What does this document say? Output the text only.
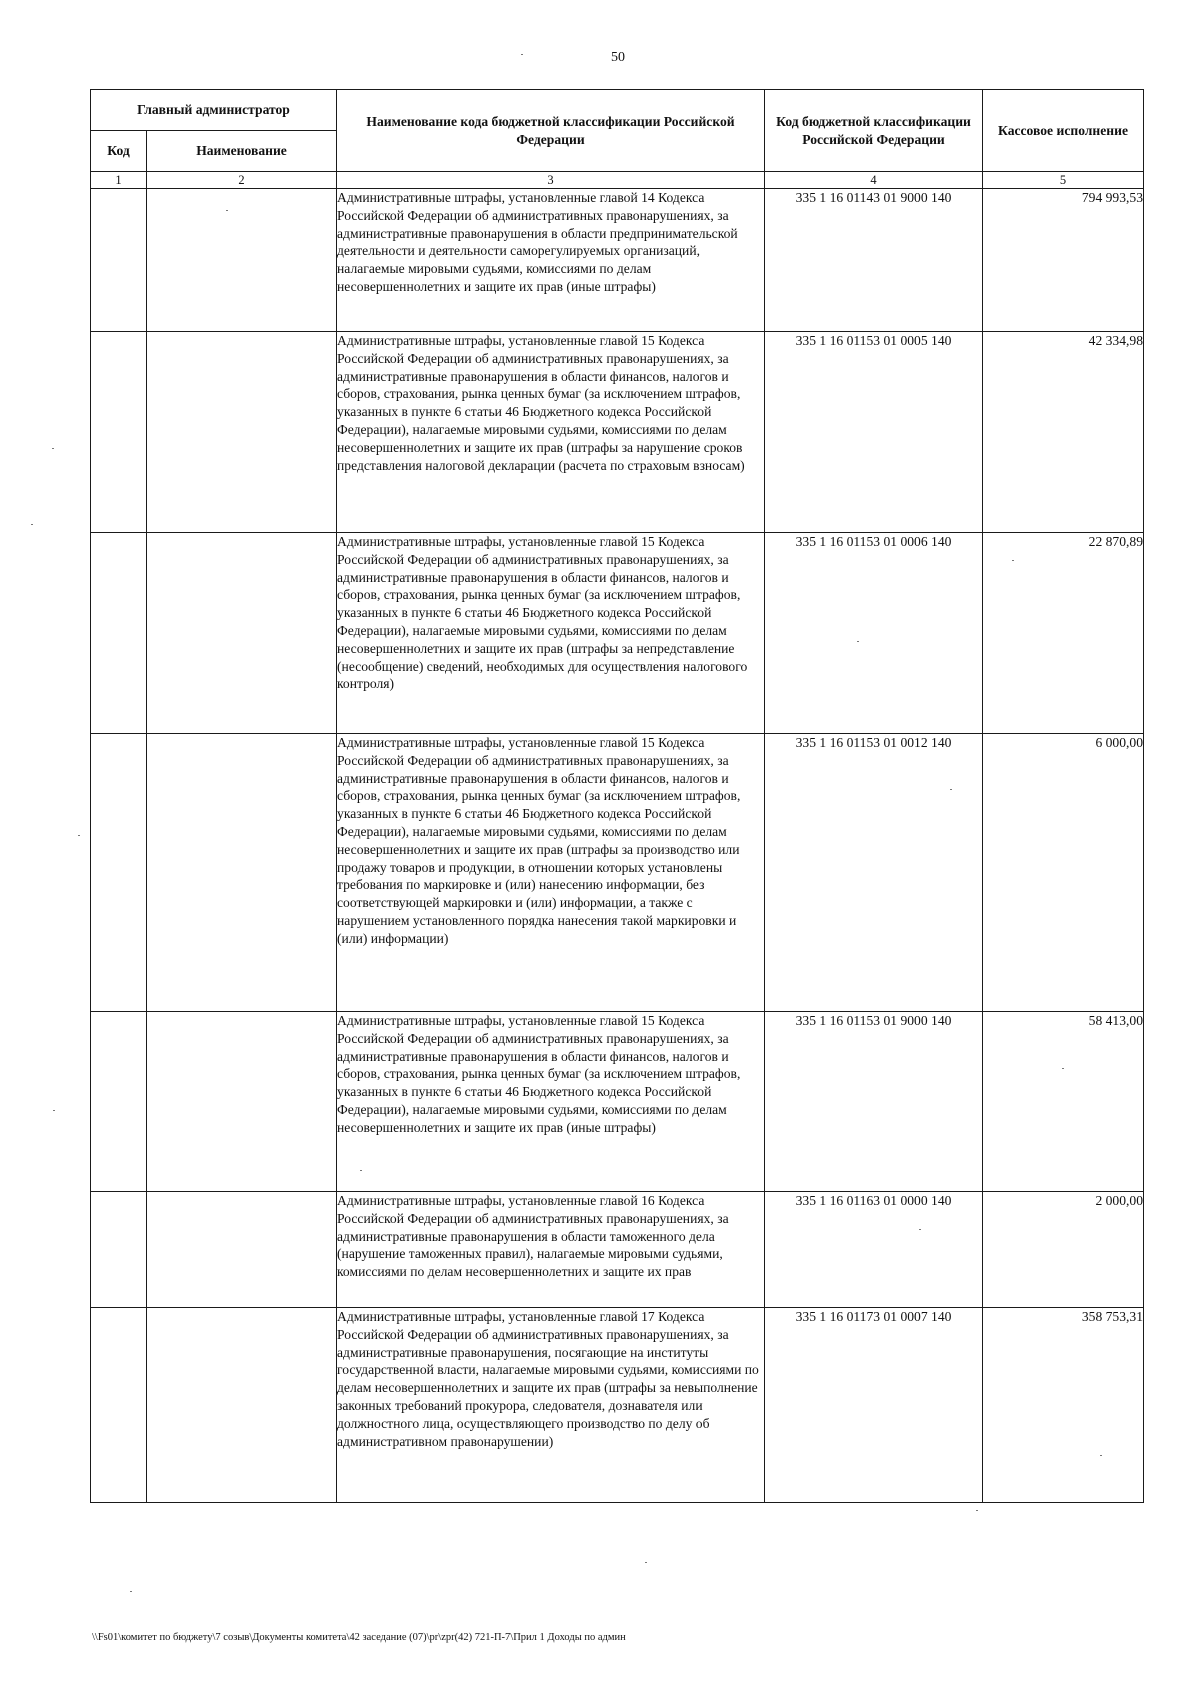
50
Главный администратор		Наименование кода бюджетной классификации Российской Федерации	Код бюджетной классификации Российской Федерации	Кассовое исполнение
Код	Наименование			
1	2	3	4	5
		Административные штрафы, установленные главой 14 Кодекса Российской Федерации об административных правонарушениях, за административные правонарушения в области предпринимательской деятельности и деятельности саморегулируемых организаций, налагаемые мировыми судьями, комиссиями по делам несовершеннолетних и защите их прав (иные штрафы)	335 1 16 01143 01 9000 140	794 993,53
		Административные штрафы, установленные главой 15 Кодекса Российской Федерации об административных правонарушениях, за административные правонарушения в области финансов, налогов и сборов, страхования, рынка ценных бумаг (за исключением штрафов, указанных в пункте 6 статьи 46 Бюджетного кодекса Российской Федерации), налагаемые мировыми судьями, комиссиями по делам несовершеннолетних и защите их прав (штрафы за нарушение сроков представления налоговой декларации (расчета по страховым взносам)	335 1 16 01153 01 0005 140	42 334,98
		Административные штрафы, установленные главой 15 Кодекса Российской Федерации об административных правонарушениях, за административные правонарушения в области финансов, налогов и сборов, страхования, рынка ценных бумаг (за исключением штрафов, указанных в пункте 6 статьи 46 Бюджетного кодекса Российской Федерации), налагаемые мировыми судьями, комиссиями по делам несовершеннолетних и защите их прав (штрафы за непредставление (несообщение) сведений, необходимых для осуществления налогового контроля)	335 1 16 01153 01 0006 140	22 870,89
		Административные штрафы, установленные главой 15 Кодекса Российской Федерации об административных правонарушениях, за административные правонарушения в области финансов, налогов и сборов, страхования, рынка ценных бумаг (за исключением штрафов, указанных в пункте 6 статьи 46 Бюджетного кодекса Российской Федерации), налагаемые мировыми судьями, комиссиями по делам несовершеннолетних и защите их прав (штрафы за производство или продажу товаров и продукции, в отношении которых установлены требования по маркировке и (или) нанесению информации, без соответствующей маркировки и (или) информации, а также с нарушением установленного порядка нанесения такой маркировки и (или) информации)	335 1 16 01153 01 0012 140	6 000,00
		Административные штрафы, установленные главой 15 Кодекса Российской Федерации об административных правонарушениях, за административные правонарушения в области финансов, налогов и сборов, страхования, рынка ценных бумаг (за исключением штрафов, указанных в пункте 6 статьи 46 Бюджетного кодекса Российской Федерации), налагаемые мировыми судьями, комиссиями по делам несовершеннолетних и защите их прав (иные штрафы)	335 1 16 01153 01 9000 140	58 413,00
		Административные штрафы, установленные главой 16 Кодекса Российской Федерации об административных правонарушениях, за административные правонарушения в области таможенного дела (нарушение таможенных правил), налагаемые мировыми судьями, комиссиями по делам несовершеннолетних и защите их прав	335 1 16 01163 01 0000 140	2 000,00
		Административные штрафы, установленные главой 17 Кодекса Российской Федерации об административных правонарушениях, за административные правонарушения, посягающие на институты государственной власти, налагаемые мировыми судьями, комиссиями по делам несовершеннолетних и защите их прав (штрафы за невыполнение законных требований прокурора, следователя, дознавателя или должностного лица, осуществляющего производство по делу об административном правонарушении)	335 1 16 01173 01 0007 140	358 753,31
\\Fs01\комитет по бюджету\7 созыв\Документы комитета\42 заседание (07)\pr\zpr(42) 721-П-7\Прил 1 Доходы по админ
